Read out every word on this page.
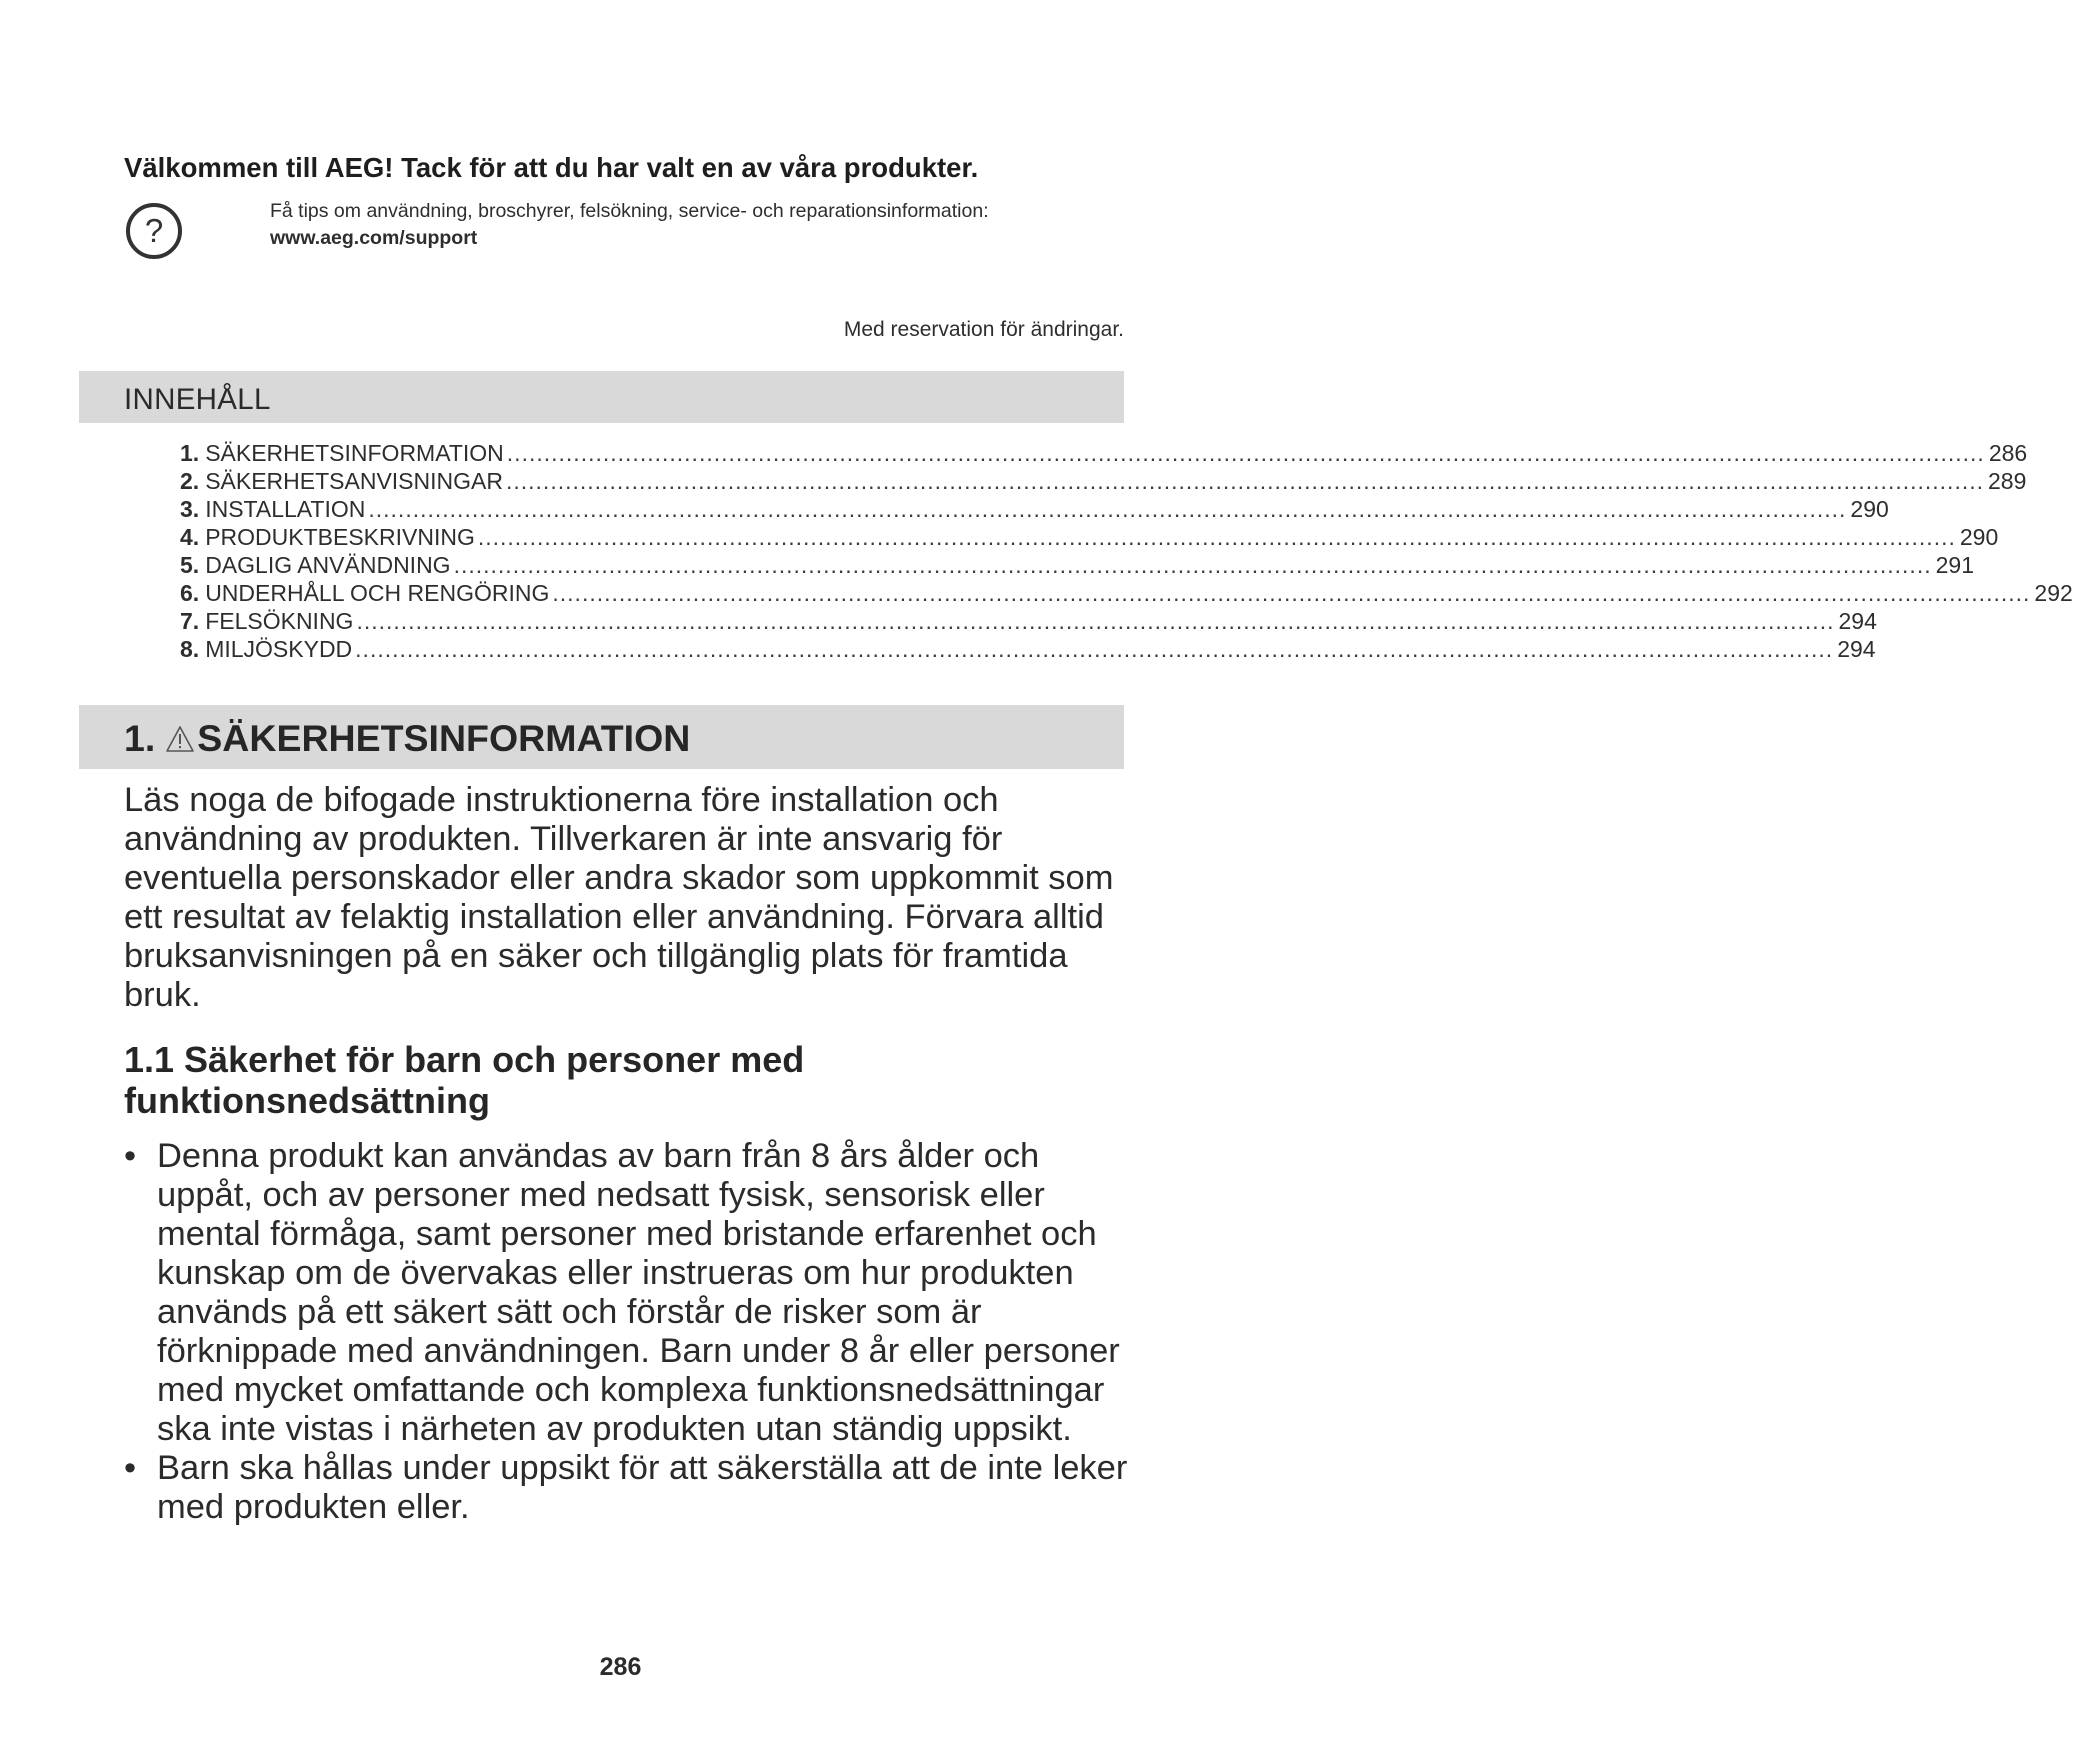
Välkommen till AEG! Tack för att du har valt en av våra produkter.
?
Få tips om användning, broschyrer, felsökning, service- och reparationsinformation:
www.aeg.com/support
Med reservation för ändringar.
INNEHÅLL
1. SÄKERHETSINFORMATION ........................................................................................................................................................................................................ 286
2. SÄKERHETSANVISNINGAR ........................................................................................................................................................................................................ 289
3. INSTALLATION ........................................................................................................................................................................................................ 290
4. PRODUKTBESKRIVNING ........................................................................................................................................................................................................ 290
5. DAGLIG ANVÄNDNING ........................................................................................................................................................................................................ 291
6. UNDERHÅLL OCH RENGÖRING ........................................................................................................................................................................................................ 292
7. FELSÖKNING ........................................................................................................................................................................................................ 294
8. MILJÖSKYDD ........................................................................................................................................................................................................ 294
1. SÄKERHETSINFORMATION

Läs noga de bifogade instruktionerna före installation och användning av produkten. Tillverkaren är inte ansvarig för eventuella personskador eller andra skador som uppkommit som ett resultat av felaktig installation eller användning. Förvara alltid bruksanvisningen på en säker och tillgänglig plats för framtida bruk.

1.1 Säkerhet för barn och personer med funktionsnedsättning
• Denna produkt kan användas av barn från 8 års ålder och uppåt, och av personer med nedsatt fysisk, sensorisk eller mental förmåga, samt personer med bristande erfarenhet och kunskap om de övervakas eller instrueras om hur produkten används på ett säkert sätt och förstår de risker som är förknippade med användningen. Barn under 8 år eller personer med mycket omfattande och komplexa funktionsnedsättningar ska inte vistas i närheten av produkten utan ständig uppsikt.
• Barn ska hållas under uppsikt för att säkerställa att de inte leker med produkten eller.
286
